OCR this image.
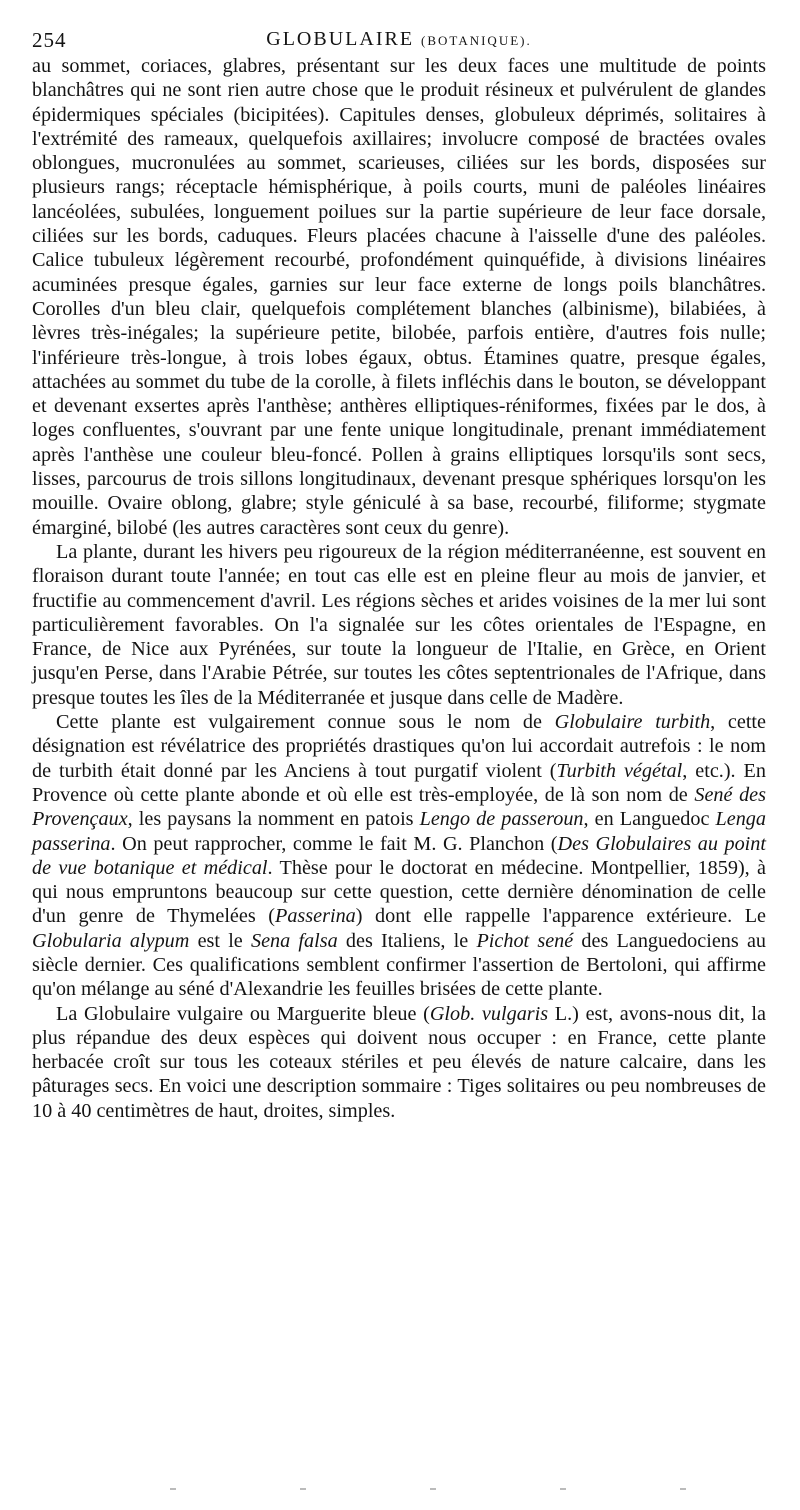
254	GLOBULAIRE (BOTANIQUE).

au sommet, coriaces, glabres, présentant sur les deux faces une multitude de points blanchâtres qui ne sont rien autre chose que le produit résineux et pulvérulent de glandes épidermiques spéciales (bicipitées). Capitules denses, globuleux déprimés, solitaires à l'extrémité des rameaux, quelquefois axillaires; involucre composé de bractées ovales oblongues, mucronulées au sommet, scarieuses, ciliées sur les bords, disposées sur plusieurs rangs; réceptacle hémisphérique, à poils courts, muni de paléoles linéaires lancéolées, subulées, longuement poilues sur la partie supérieure de leur face dorsale, ciliées sur les bords, caduques. Fleurs placées chacune à l'aisselle d'une des paléoles. Calice tubuleux légèrement recourbé, profondément quinquéfide, à divisions linéaires acuminées presque égales, garnies sur leur face externe de longs poils blanchâtres. Corolles d'un bleu clair, quelquefois complétement blanches (albinisme), bilabiées, à lèvres très-inégales; la supérieure petite, bilobée, parfois entière, d'autres fois nulle; l'inférieure très-longue, à trois lobes égaux, obtus. Étamines quatre, presque égales, attachées au sommet du tube de la corolle, à filets infléchis dans le bouton, se développant et devenant exsertes après l'anthèse; anthères elliptiques-réniformes, fixées par le dos, à loges confluentes, s'ouvrant par une fente unique longitudinale, prenant immédiatement après l'anthèse une couleur bleu-foncé. Pollen à grains elliptiques lorsqu'ils sont secs, lisses, parcourus de trois sillons longitudinaux, devenant presque sphériques lorsqu'on les mouille. Ovaire oblong, glabre; style géniculé à sa base, recourbé, filiforme; stygmate émarginé, bilobé (les autres caractères sont ceux du genre).

La plante, durant les hivers peu rigoureux de la région méditerranéenne, est souvent en floraison durant toute l'année; en tout cas elle est en pleine fleur au mois de janvier, et fructifie au commencement d'avril. Les régions sèches et arides voisines de la mer lui sont particulièrement favorables. On l'a signalée sur les côtes orientales de l'Espagne, en France, de Nice aux Pyrénées, sur toute la longueur de l'Italie, en Grèce, en Orient jusqu'en Perse, dans l'Arabie Pétrée, sur toutes les côtes septentrionales de l'Afrique, dans presque toutes les îles de la Méditerranée et jusque dans celle de Madère.

Cette plante est vulgairement connue sous le nom de Globulaire turbith, cette désignation est révélatrice des propriétés drastiques qu'on lui accordait autrefois : le nom de turbith était donné par les Anciens à tout purgatif violent (Turbith végétal, etc.). En Provence où cette plante abonde et où elle est très-employée, de là son nom de Sené des Provençaux, les paysans la nomment en patois Lengo de passeroun, en Languedoc Lenga passerina. On peut rapprocher, comme le fait M. G. Planchon (Des Globulaires au point de vue botanique et médical. Thèse pour le doctorat en médecine. Montpellier, 1859), à qui nous empruntons beaucoup sur cette question, cette dernière dénomination de celle d'un genre de Thymelées (Passerina) dont elle rappelle l'apparence extérieure. Le Globularia alypum est le Sena falsa des Italiens, le Pichot sené des Languedociens au siècle dernier. Ces qualifications semblent confirmer l'assertion de Bertoloni, qui affirme qu'on mélange au séné d'Alexandrie les feuilles brisées de cette plante.

La Globulaire vulgaire ou Marguerite bleue (Glob. vulgaris L.) est, avons-nous dit, la plus répandue des deux espèces qui doivent nous occuper : en France, cette plante herbacée croît sur tous les coteaux stériles et peu élevés de nature calcaire, dans les pâturages secs. En voici une description sommaire : Tiges solitaires ou peu nombreuses de 10 à 40 centimètres de haut, droites, simples.
